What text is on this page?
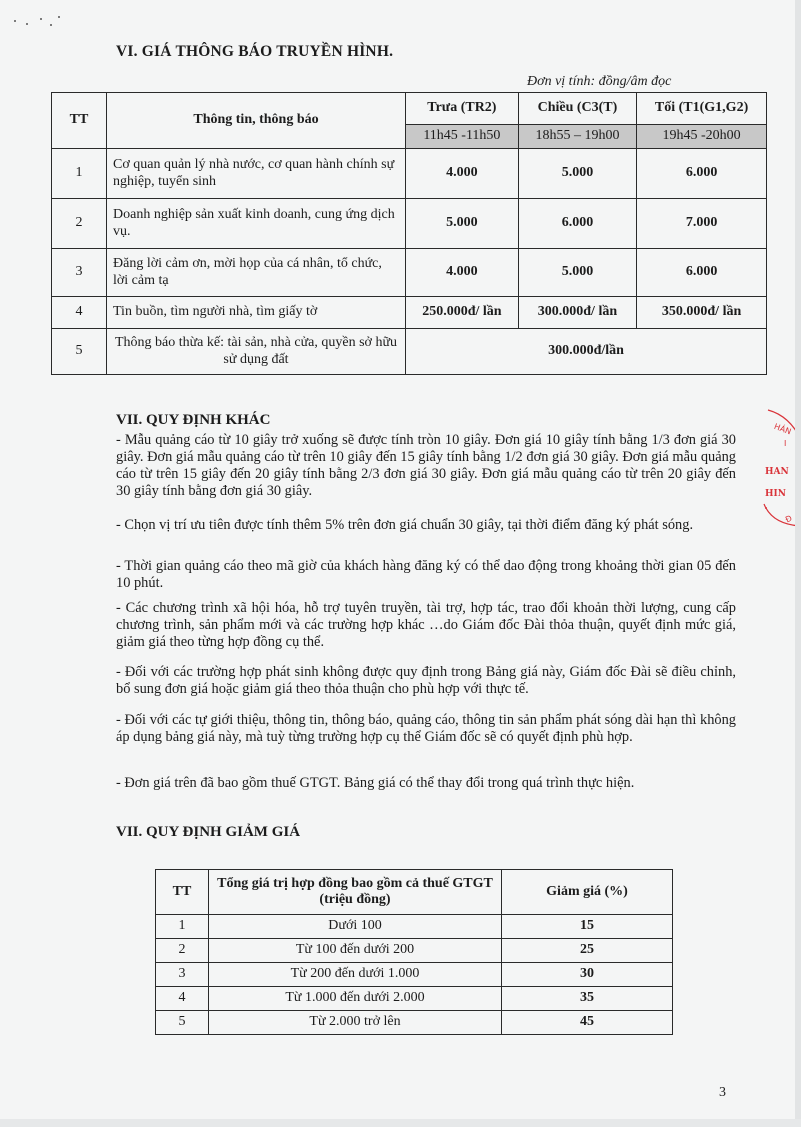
VI. GIÁ THÔNG BÁO TRUYỀN HÌNH.
Đơn vị tính: đồng/âm đọc
TT	Thông tin, thông báo	Trưa (TR2)	Chiều (C3(T)	Tối (T1(G1,G2)
		11h45 -11h50	18h55 – 19h00	19h45 -20h00
1	Cơ quan quản lý nhà nước, cơ quan hành chính sự nghiệp, tuyển sinh	4.000	5.000	6.000
2	Doanh nghiệp sản xuất kinh doanh, cung ứng dịch vụ.	5.000	6.000	7.000
3	Đăng lời cảm ơn, mời họp của cá nhân, tổ chức, lời cảm tạ	4.000	5.000	6.000
4	Tin buồn, tìm người nhà, tìm giấy tờ	250.000đ/ lần	300.000đ/ lần	350.000đ/ lần
5	Thông báo thừa kế: tài sản, nhà cửa, quyền sở hữu sử dụng đất	300.000đ/lần		
VII. QUY ĐỊNH KHÁC

- Mẫu quảng cáo từ 10 giây trở xuống sẽ được tính tròn 10 giây. Đơn giá 10 giây tính bằng 1/3 đơn giá 30 giây. Đơn giá mẫu quảng cáo từ trên 10 giây đến 15 giây tính bằng 1/2 đơn giá 30 giây. Đơn giá mẫu quảng cáo từ trên 15 giây đến 20 giây tính bằng 2/3 đơn giá 30 giây. Đơn giá mẫu quảng cáo từ trên 20 giây đến 30 giây tính bằng đơn giá 30 giây.

- Chọn vị trí ưu tiên được tính thêm 5% trên đơn giá chuẩn 30 giây, tại thời điểm đăng ký phát sóng.

- Thời gian quảng cáo theo mã giờ của khách hàng đăng ký có thể dao động trong khoảng thời gian 05 đến 10 phút.

- Các chương trình xã hội hóa, hỗ trợ tuyên truyền, tài trợ, hợp tác, trao đổi khoản thời lượng, cung cấp chương trình, sản phẩm mới và các trường hợp khác …do Giám đốc Đài thỏa thuận, quyết định mức giá, giảm giá theo từng hợp đồng cụ thể.

- Đối với các trường hợp phát sinh không được quy định trong Bảng giá này, Giám đốc Đài sẽ điều chỉnh, bổ sung đơn giá hoặc giảm giá theo thỏa thuận cho phù hợp với thực tế.

- Đối với các tự giới thiệu, thông tin, thông báo, quảng cáo, thông tin sản phẩm phát sóng dài hạn thì không áp dụng bảng giá này, mà tuỳ từng trường hợp cụ thể Giám đốc sẽ có quyết định phù hợp.

- Đơn giá trên đã bao gồm thuế GTGT. Bảng giá có thể thay đổi trong quá trình thực hiện.

VII. QUY ĐỊNH GIẢM GIÁ
TT	Tổng giá trị hợp đồng bao gồm cả thuế GTGT (triệu đồng)	Giảm giá (%)
1	Dưới 100	15
2	Từ 100 đến dưới 200	25
3	Từ 200 đến dưới 1.000	30
4	Từ 1.000 đến dưới 2.000	35
5	Từ 2.000 trở lên	45
3
HÁN
I
HAN
HIN
Đ
